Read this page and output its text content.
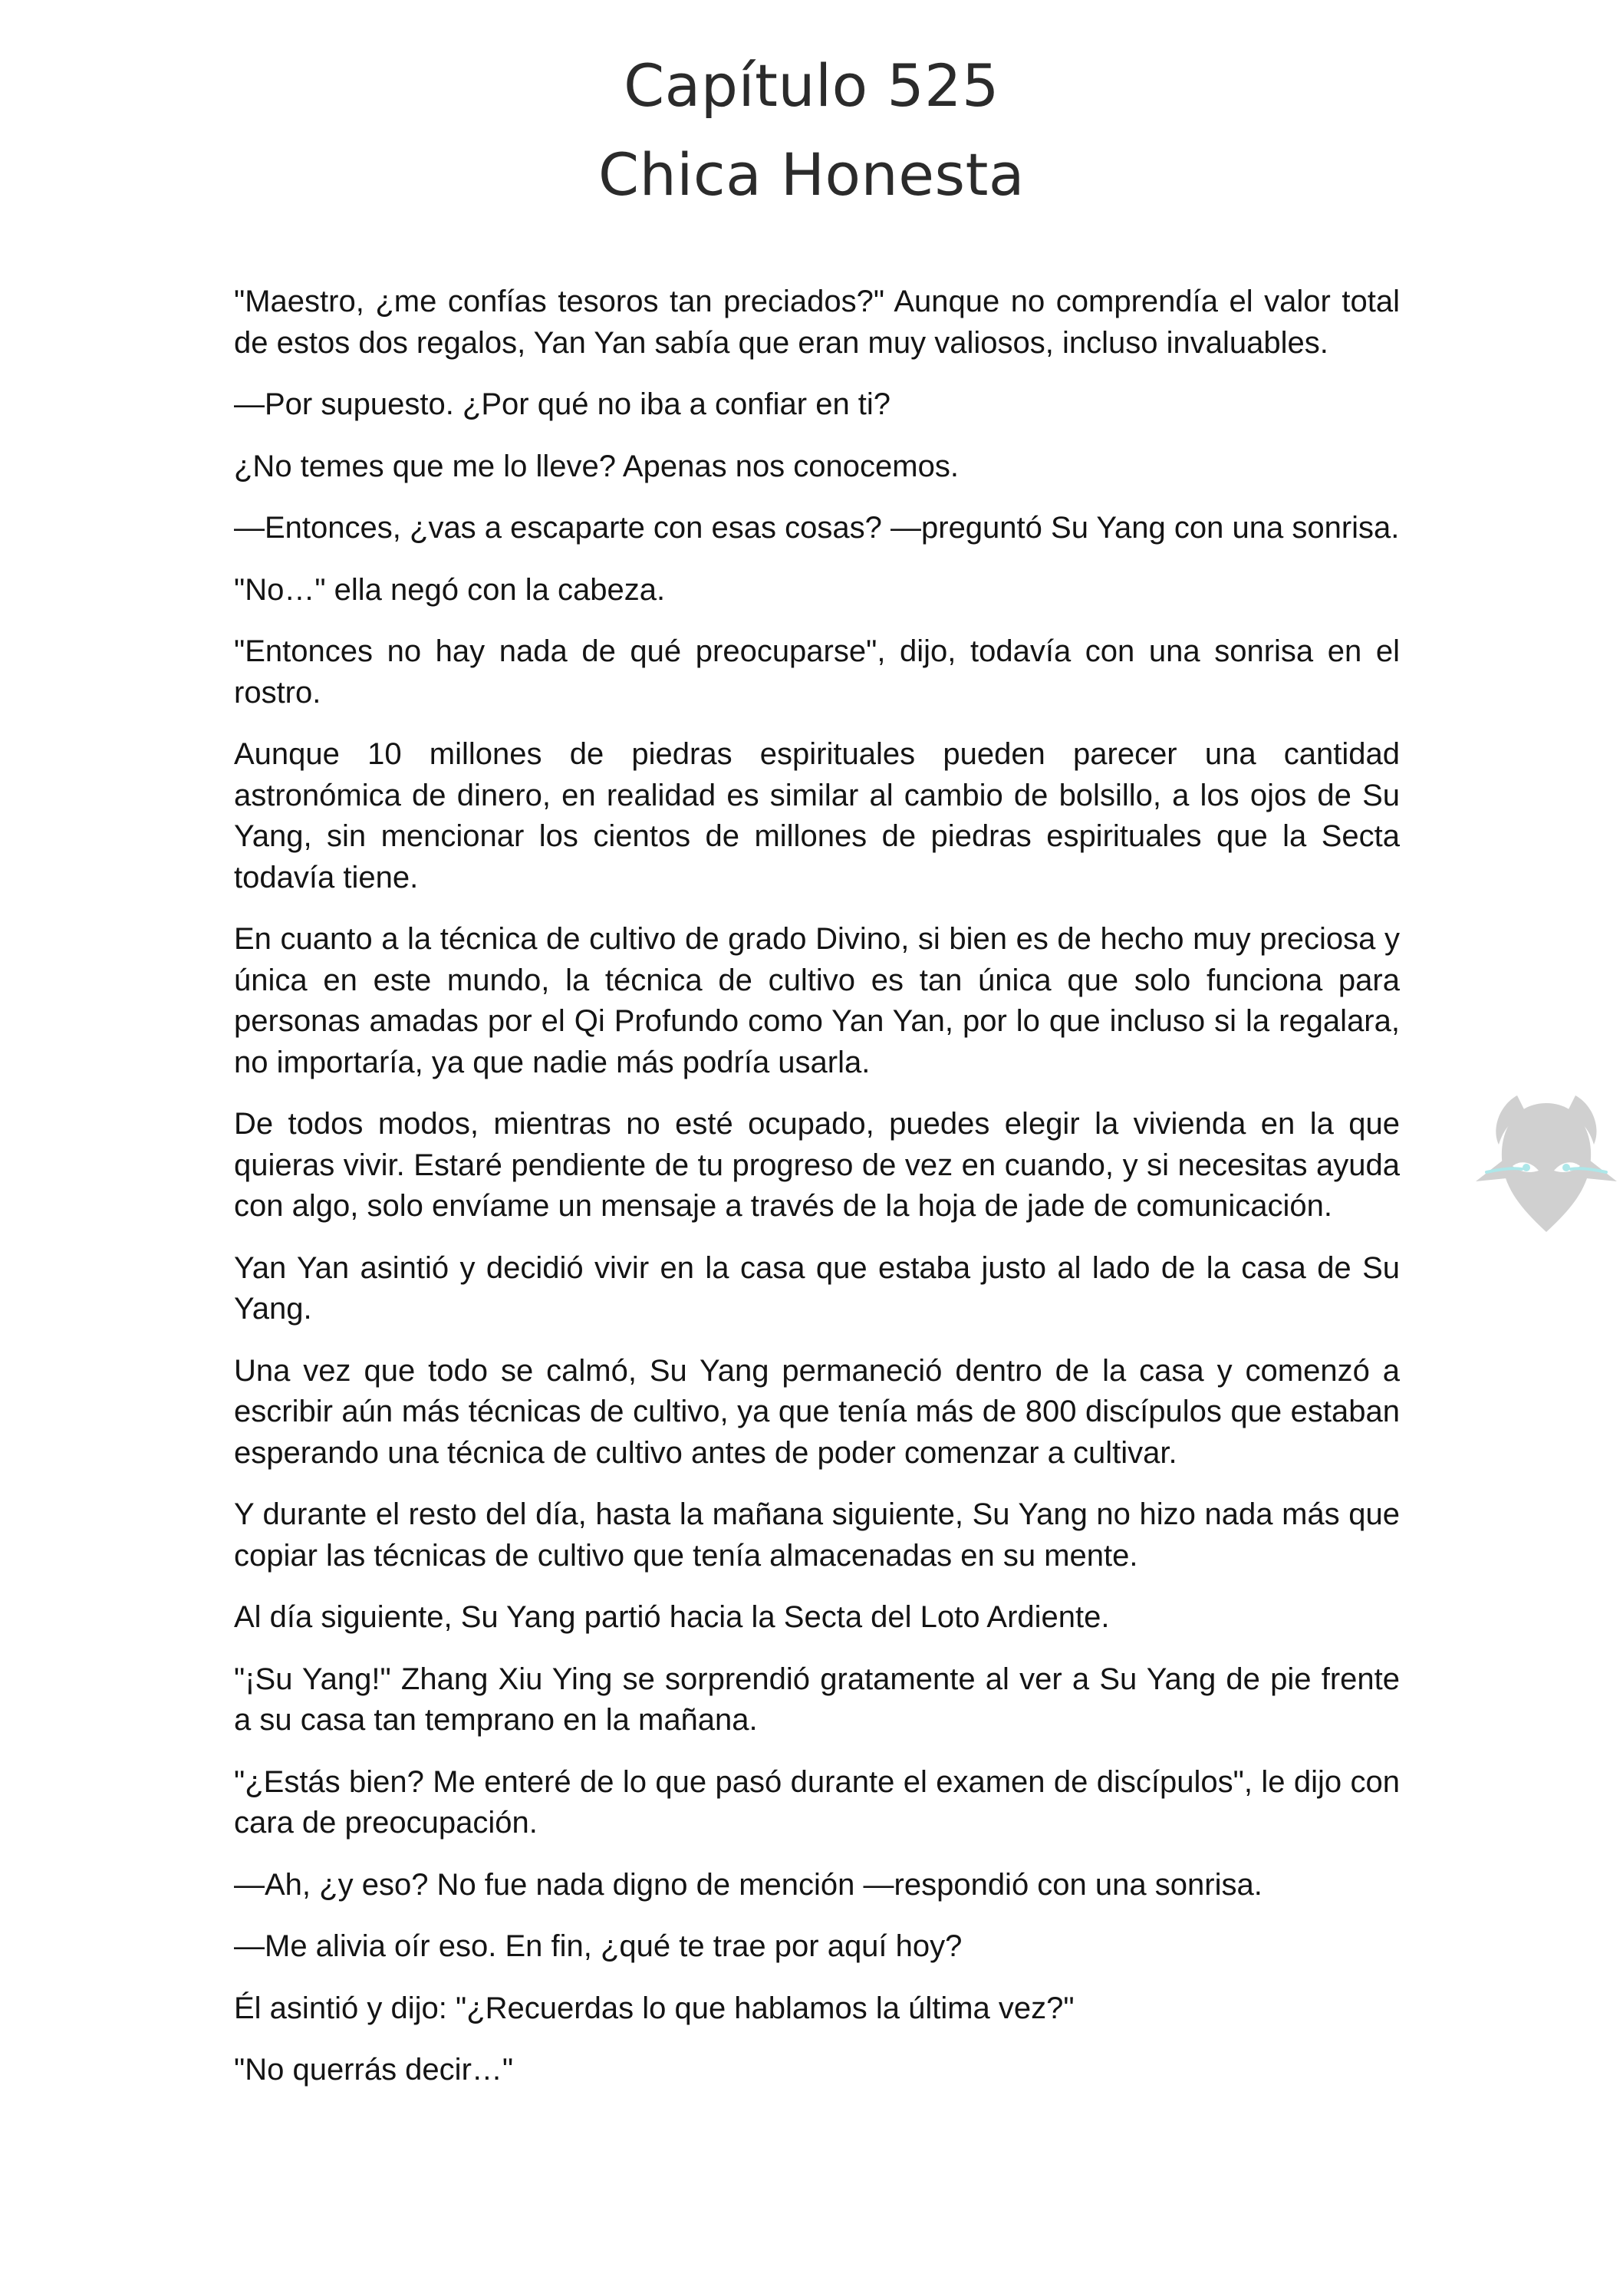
Capítulo 525
Chica Honesta

"Maestro, ¿me confías tesoros tan preciados?" Aunque no comprendía el valor total de estos dos regalos, Yan Yan sabía que eran muy valiosos, incluso invaluables.

—Por supuesto. ¿Por qué no iba a confiar en ti?

¿No temes que me lo lleve? Apenas nos conocemos.

—Entonces, ¿vas a escaparte con esas cosas? —preguntó Su Yang con una sonrisa.

"No…" ella negó con la cabeza.

"Entonces no hay nada de qué preocuparse", dijo, todavía con una sonrisa en el rostro.

Aunque 10 millones de piedras espirituales pueden parecer una cantidad astronómica de dinero, en realidad es similar al cambio de bolsillo, a los ojos de Su Yang, sin mencionar los cientos de millones de piedras espirituales que la Secta todavía tiene.

En cuanto a la técnica de cultivo de grado Divino, si bien es de hecho muy preciosa y única en este mundo, la técnica de cultivo es tan única que solo funciona para personas amadas por el Qi Profundo como Yan Yan, por lo que incluso si la regalara, no importaría, ya que nadie más podría usarla.

De todos modos, mientras no esté ocupado, puedes elegir la vivienda en la que quieras vivir. Estaré pendiente de tu progreso de vez en cuando, y si necesitas ayuda con algo, solo envíame un mensaje a través de la hoja de jade de comunicación.

Yan Yan asintió y decidió vivir en la casa que estaba justo al lado de la casa de Su Yang.

Una vez que todo se calmó, Su Yang permaneció dentro de la casa y comenzó a escribir aún más técnicas de cultivo, ya que tenía más de 800 discípulos que estaban esperando una técnica de cultivo antes de poder comenzar a cultivar.

Y durante el resto del día, hasta la mañana siguiente, Su Yang no hizo nada más que copiar las técnicas de cultivo que tenía almacenadas en su mente.

Al día siguiente, Su Yang partió hacia la Secta del Loto Ardiente.

"¡Su Yang!" Zhang Xiu Ying se sorprendió gratamente al ver a Su Yang de pie frente a su casa tan temprano en la mañana.

"¿Estás bien? Me enteré de lo que pasó durante el examen de discípulos", le dijo con cara de preocupación.

—Ah, ¿y eso? No fue nada digno de mención —respondió con una sonrisa.

—Me alivia oír eso. En fin, ¿qué te trae por aquí hoy?

Él asintió y dijo: "¿Recuerdas lo que hablamos la última vez?"

"No querrás decir…"
